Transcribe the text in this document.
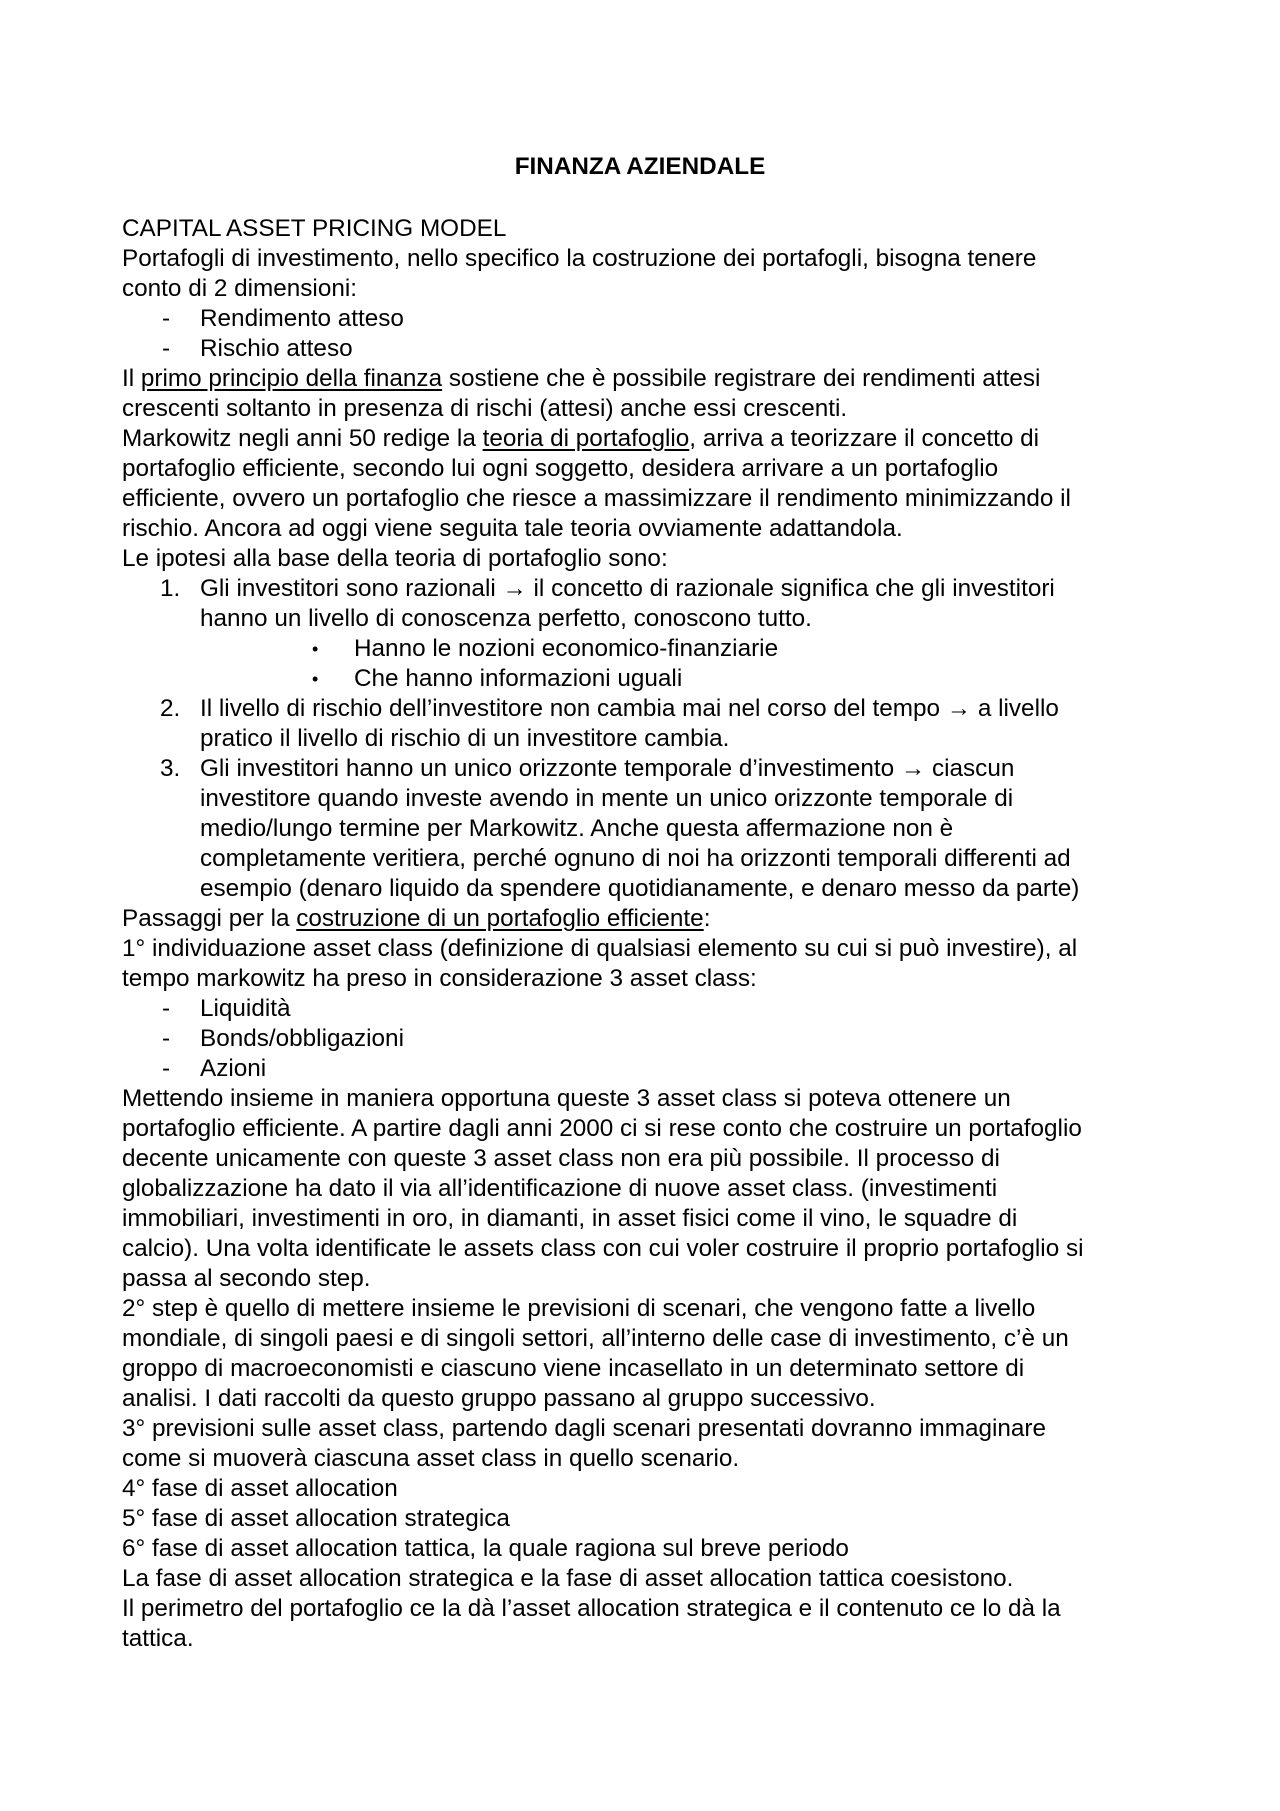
FINANZA AZIENDALE
CAPITAL ASSET PRICING MODEL
Portafogli di investimento, nello specifico la costruzione dei portafogli, bisogna tenere
conto di 2 dimensioni:
- Rendimento atteso
- Rischio atteso
Il primo principio della finanza sostiene che è possibile registrare dei rendimenti attesi
crescenti soltanto in presenza di rischi (attesi) anche essi crescenti.
Markowitz negli anni 50 redige la teoria di portafoglio, arriva a teorizzare il concetto di
portafoglio efficiente, secondo lui ogni soggetto, desidera arrivare a un portafoglio
efficiente, ovvero un portafoglio che riesce a massimizzare il rendimento minimizzando il
rischio. Ancora ad oggi viene seguita tale teoria ovviamente adattandola.
Le ipotesi alla base della teoria di portafoglio sono:
1. Gli investitori sono razionali → il concetto di razionale significa che gli investitori
hanno un livello di conoscenza perfetto, conoscono tutto.
• Hanno le nozioni economico-finanziarie
• Che hanno informazioni uguali
2. Il livello di rischio dell’investitore non cambia mai nel corso del tempo → a livello
pratico il livello di rischio di un investitore cambia.
3. Gli investitori hanno un unico orizzonte temporale d’investimento → ciascun
investitore quando investe avendo in mente un unico orizzonte temporale di
medio/lungo termine per Markowitz. Anche questa affermazione non è
completamente veritiera, perché ognuno di noi ha orizzonti temporali differenti ad
esempio (denaro liquido da spendere quotidianamente, e denaro messo da parte)
Passaggi per la costruzione di un portafoglio efficiente:
1° individuazione asset class (definizione di qualsiasi elemento su cui si può investire), al
tempo markowitz ha preso in considerazione 3 asset class:
- Liquidità
- Bonds/obbligazioni
- Azioni
Mettendo insieme in maniera opportuna queste 3 asset class si poteva ottenere un
portafoglio efficiente. A partire dagli anni 2000 ci si rese conto che costruire un portafoglio
decente unicamente con queste 3 asset class non era più possibile. Il processo di
globalizzazione ha dato il via all’identificazione di nuove asset class. (investimenti
immobiliari, investimenti in oro, in diamanti, in asset fisici come il vino, le squadre di
calcio). Una volta identificate le assets class con cui voler costruire il proprio portafoglio si
passa al secondo step.
2° step è quello di mettere insieme le previsioni di scenari, che vengono fatte a livello
mondiale, di singoli paesi e di singoli settori, all’interno delle case di investimento, c’è un
groppo di macroeconomisti e ciascuno viene incasellato in un determinato settore di
analisi. I dati raccolti da questo gruppo passano al gruppo successivo.
3° previsioni sulle asset class, partendo dagli scenari presentati dovranno immaginare
come si muoverà ciascuna asset class in quello scenario.
4° fase di asset allocation
5° fase di asset allocation strategica
6° fase di asset allocation tattica, la quale ragiona sul breve periodo
La fase di asset allocation strategica e la fase di asset allocation tattica coesistono.
Il perimetro del portafoglio ce la dà l’asset allocation strategica e il contenuto ce lo dà la
tattica.
